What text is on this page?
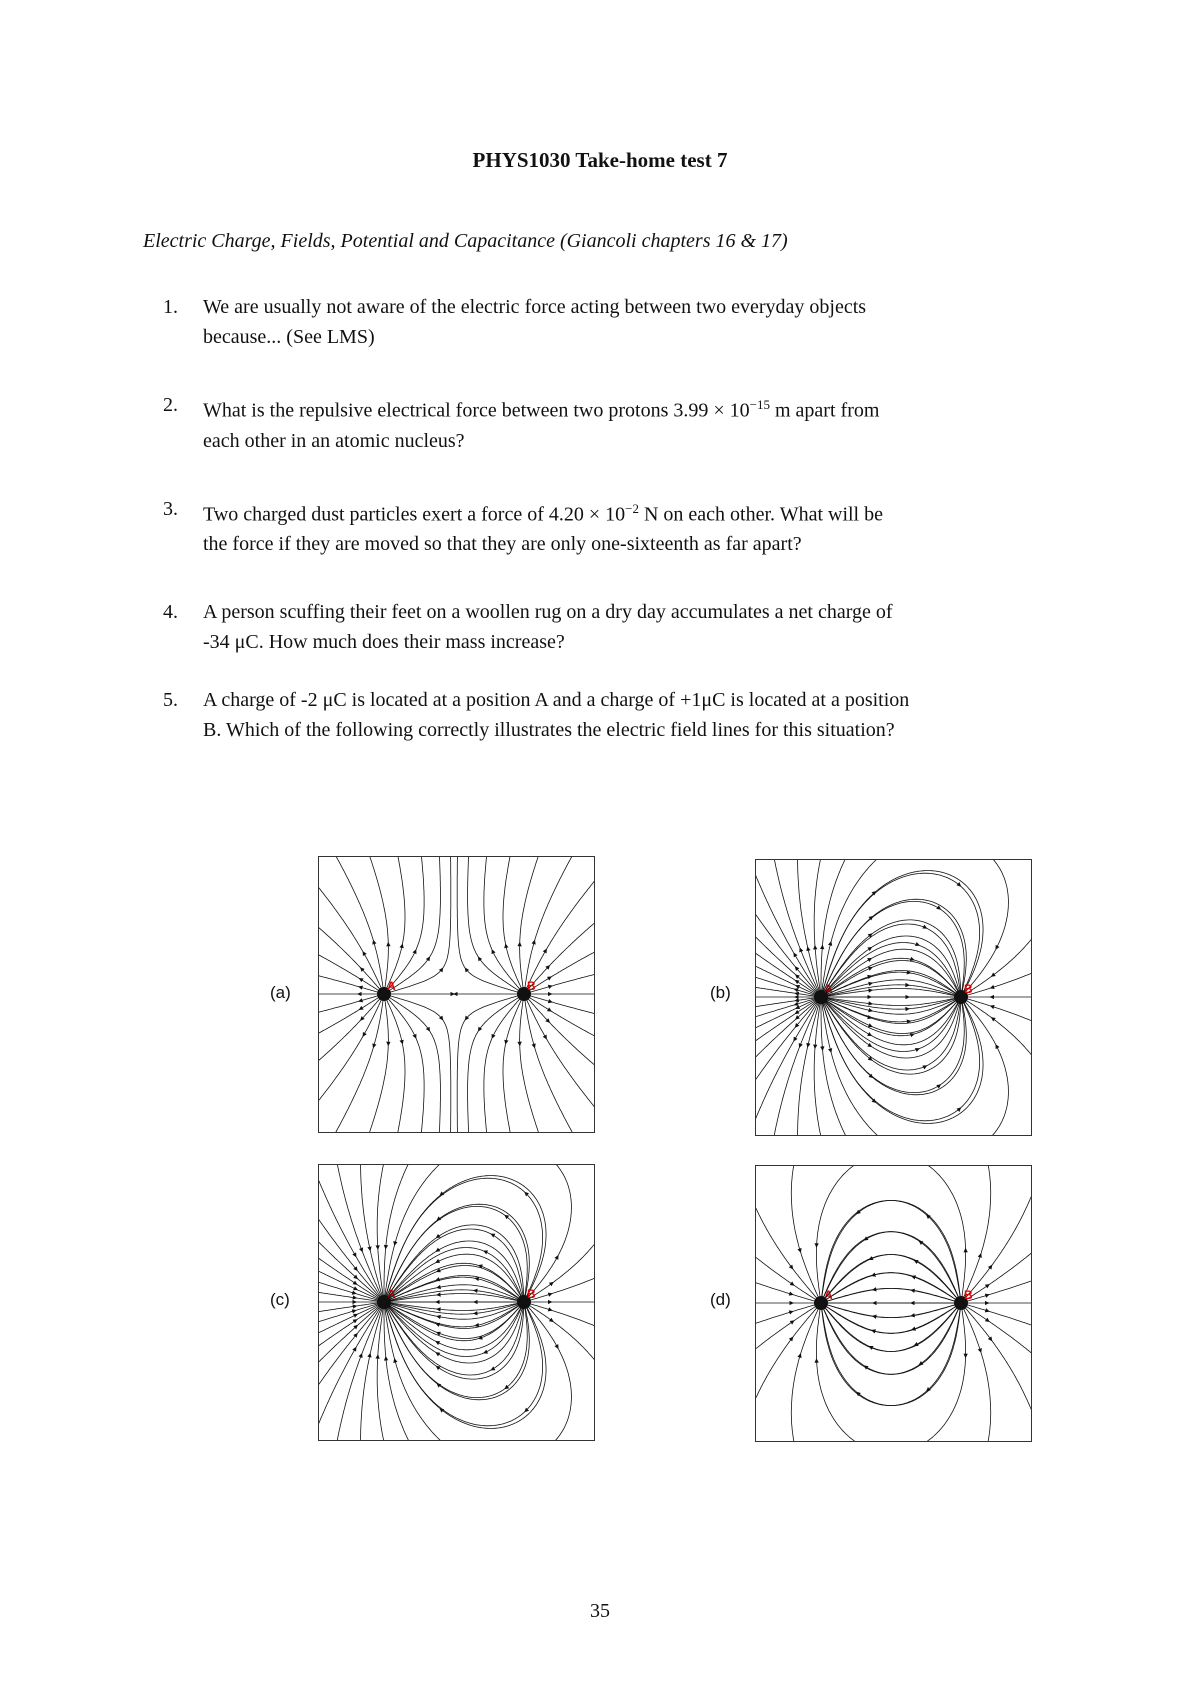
PHYS1030 Take-home test 7
Electric Charge, Fields, Potential and Capacitance (Giancoli chapters 16 & 17)
1. We are usually not aware of the electric force acting between two everyday objects
because... (See LMS)
2. What is the repulsive electrical force between two protons $3.99 \times 10^{-15}$ m apart from
each other in an atomic nucleus?
3. Two charged dust particles exert a force of $4.20 \times 10^{-2}$ N on each other. What will be
the force if they are moved so that they are only one-sixteenth as far apart?
4. A person scuffing their feet on a woollen rug on a dry day accumulates a net charge of
-34 μC. How much does their mass increase?
5. A charge of -2 μC is located at a position A and a charge of +1μC is located at a position
B. Which of the following correctly illustrates the electric field lines for this situation?
(a)	A	B	(b)	A	B
(c)	A	B	(d)	A	B
35
